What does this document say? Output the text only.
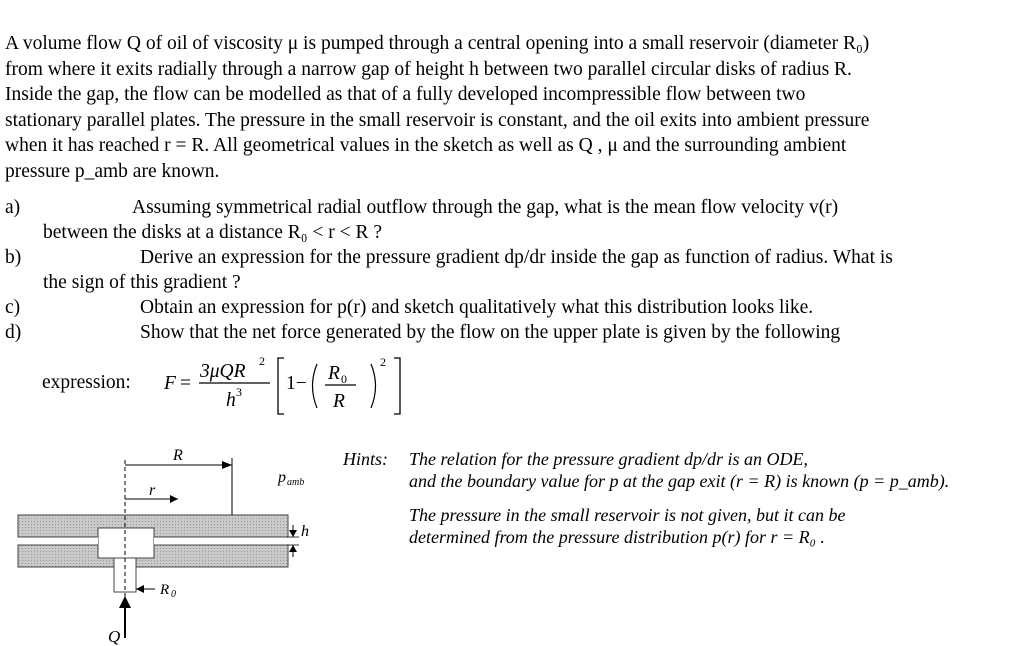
A volume flow Q of oil of viscosity μ is pumped through a central opening into a small reservoir (diameter R₀)
from where it exits radially through a narrow gap of height h between two parallel circular disks of radius R.
Inside the gap, the flow can be modelled as that of a fully developed incompressible flow between two
stationary parallel plates. The pressure in the small reservoir is constant, and the oil exits into ambient pressure
when it has reached r = R. All geometrical values in the sketch as well as Q , μ and the surrounding ambient
pressure p_amb are known.
a)	Assuming symmetrical radial outflow through the gap, what is the mean flow velocity v(r)
between the disks at a distance R₀ < r < R ?
b)	Derive an expression for the pressure gradient dp/dr inside the gap as function of radius. What is
the sign of this gradient ?
c)	Obtain an expression for p(r) and sketch qualitatively what this distribution looks like.
d)	Show that the net force generated by the flow on the upper plate is given by the following
expression: F =
3μQR 2
h 3 1− R 0
R
2
R
r
p amb
h
R 0
Q
Hints: The relation for the pressure gradient dp/dr is an ODE,
and the boundary value for p at the gap exit (r = R) is known (p = p_amb).
The pressure in the small reservoir is not given, but it can be
determined from the pressure distribution p(r) for r = R₀ .
